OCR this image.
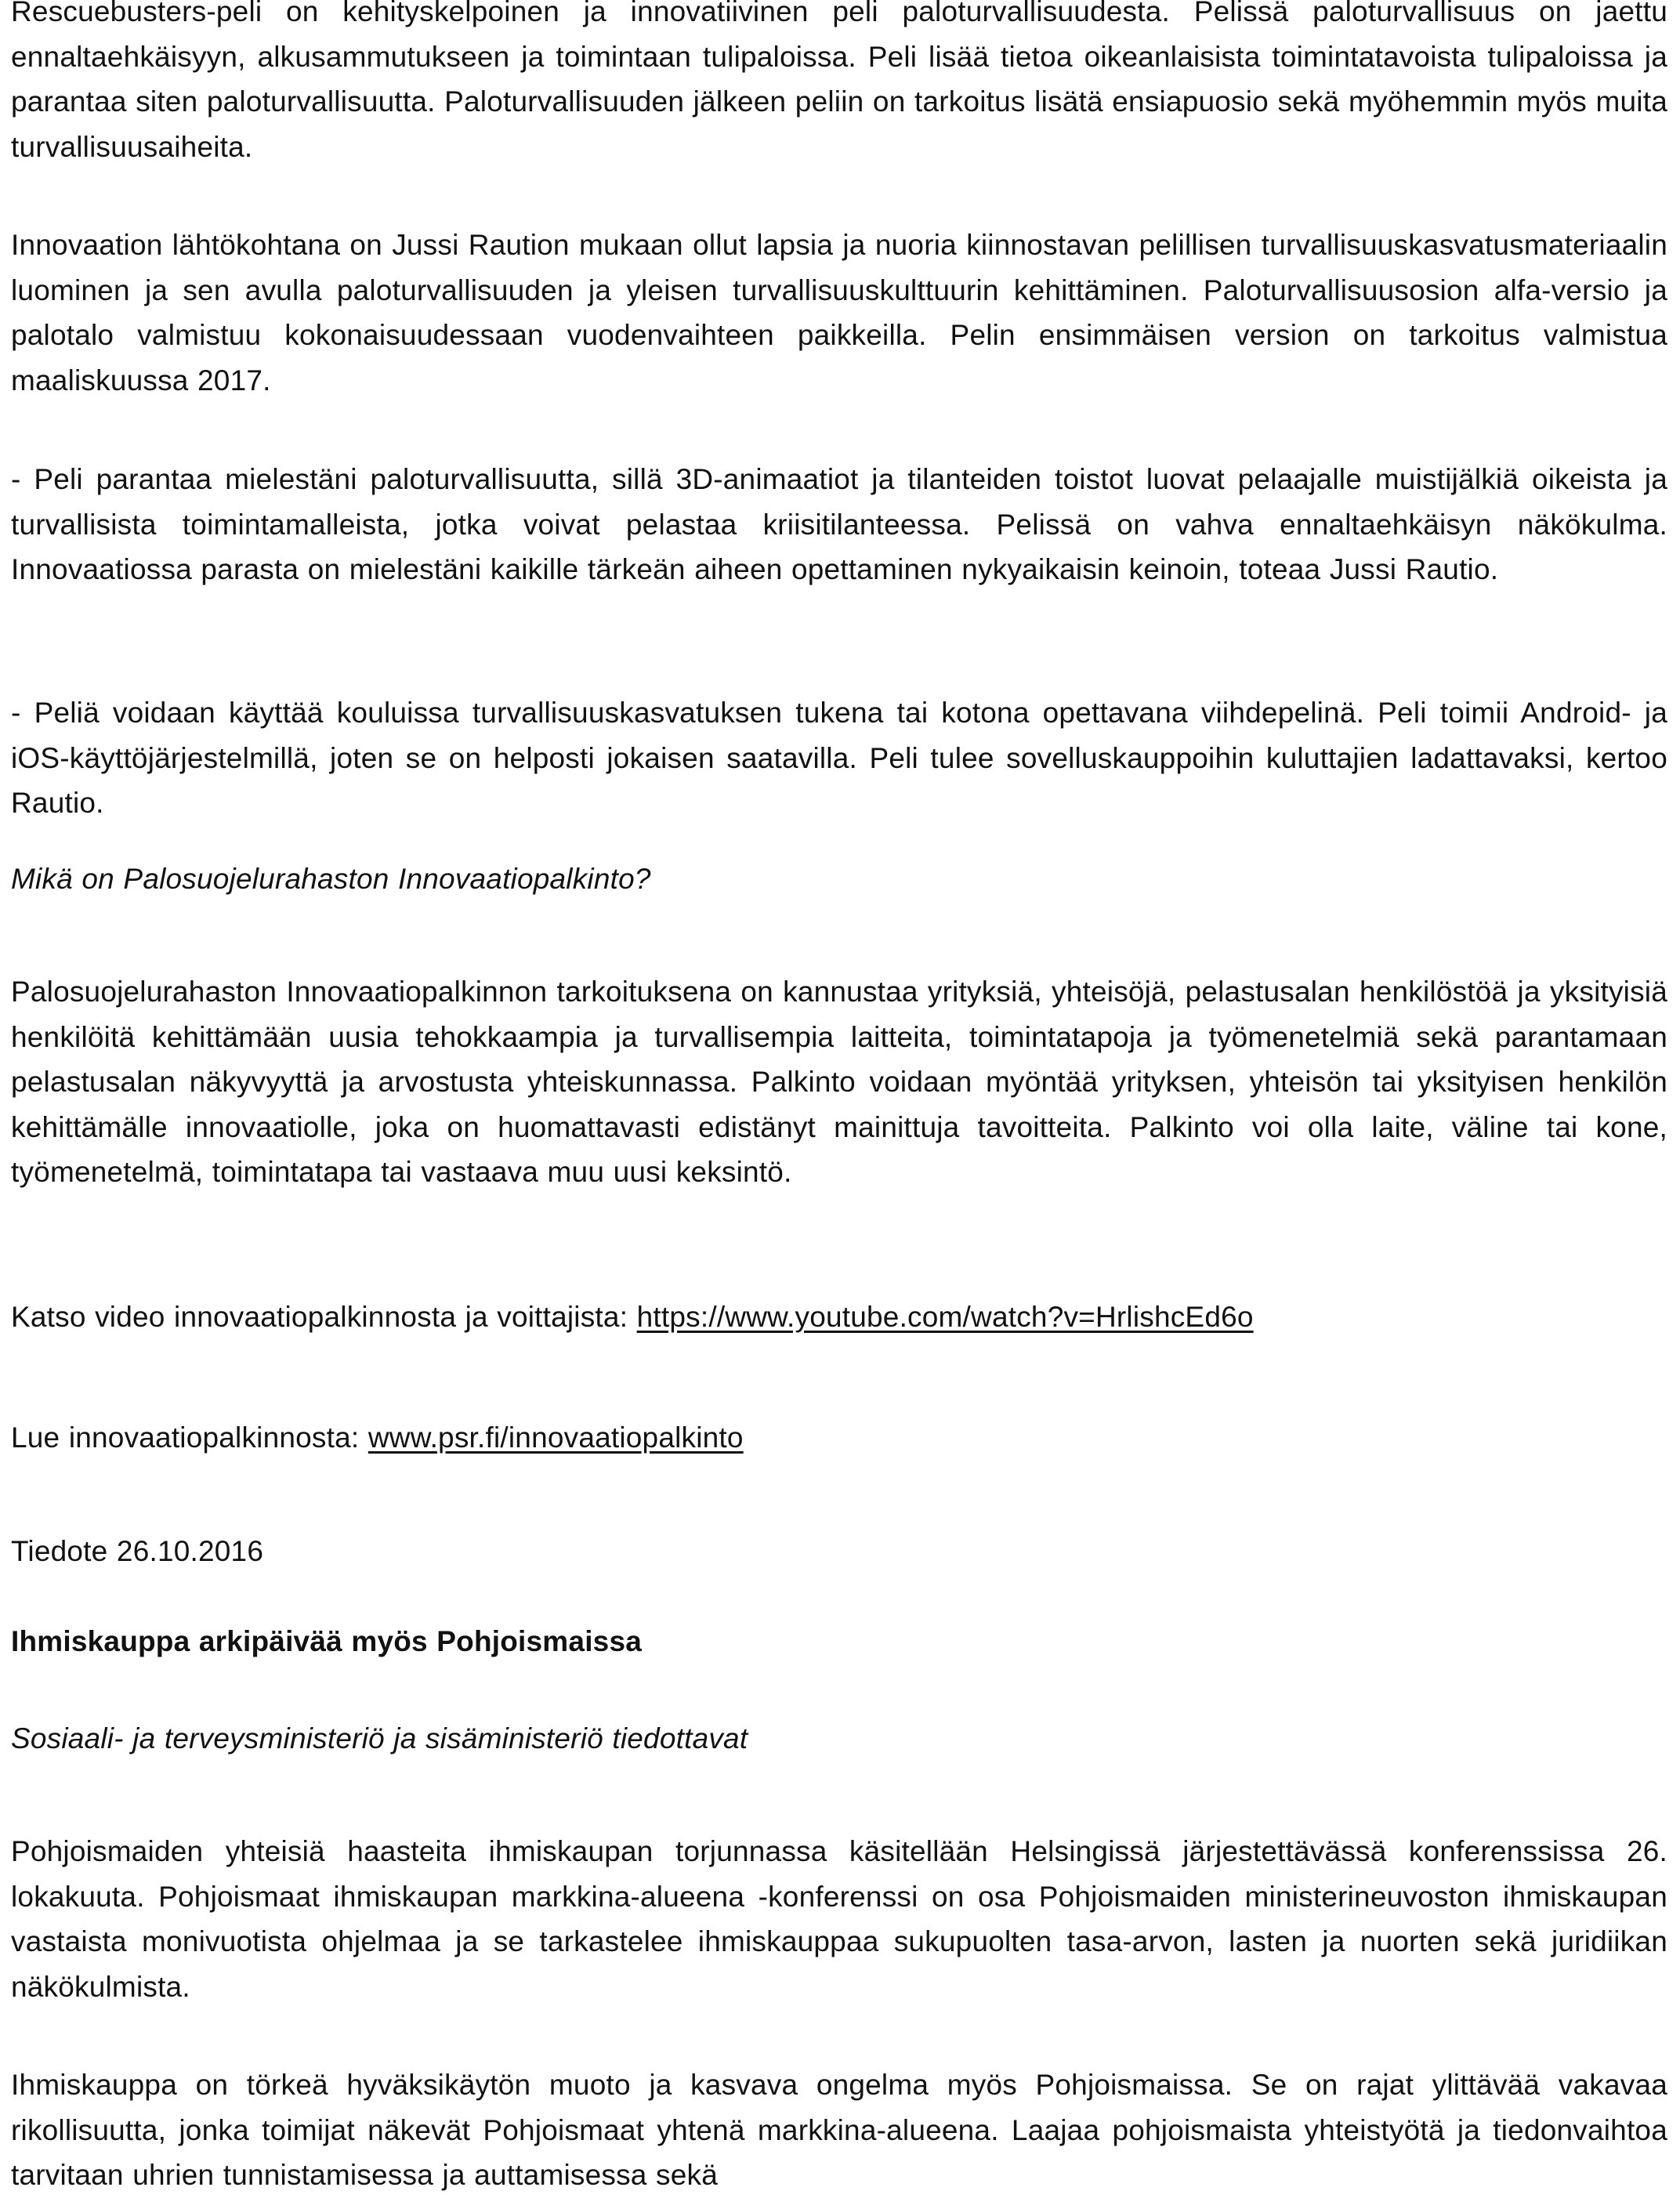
Rescuebusters-peli on kehityskelpoinen ja innovatiivinen peli paloturvallisuudesta. Pelissä paloturvallisuus on jaettu ennaltaehkäisyyn, alkusammutukseen ja toimintaan tulipaloissa. Peli lisää tietoa oikeanlaisista toimintatavoista tulipaloissa ja parantaa siten paloturvallisuutta. Paloturvallisuuden jälkeen peliin on tarkoitus lisätä ensiapuosio sekä myöhemmin myös muita turvallisuusaiheita.

Innovaation lähtökohtana on Jussi Raution mukaan ollut lapsia ja nuoria kiinnostavan pelillisen turvallisuuskasvatusmateriaalin luominen ja sen avulla paloturvallisuuden ja yleisen turvallisuuskulttuurin kehittäminen. Paloturvallisuusosion alfa-versio ja palotalo valmistuu kokonaisuudessaan vuodenvaihteen paikkeilla. Pelin ensimmäisen version on tarkoitus valmistua maaliskuussa 2017.

- Peli parantaa mielestäni paloturvallisuutta, sillä 3D-animaatiot ja tilanteiden toistot luovat pelaajalle muistijälkiä oikeista ja turvallisista toimintamalleista, jotka voivat pelastaa kriisitilanteessa. Pelissä on vahva ennaltaehkäisyn näkökulma. Innovaatiossa parasta on mielestäni kaikille tärkeän aiheen opettaminen nykyaikaisin keinoin, toteaa Jussi Rautio.

- Peliä voidaan käyttää kouluissa turvallisuuskasvatuksen tukena tai kotona opettavana viihdepelinä. Peli toimii Android- ja iOS-käyttöjärjestelmillä, joten se on helposti jokaisen saatavilla. Peli tulee sovelluskauppoihin kuluttajien ladattavaksi, kertoo Rautio.

Mikä on Palosuojelurahaston Innovaatiopalkinto?

Palosuojelurahaston Innovaatiopalkinnon tarkoituksena on kannustaa yrityksiä, yhteisöjä, pelastusalan henkilöstöä ja yksityisiä henkilöitä kehittämään uusia tehokkaampia ja turvallisempia laitteita, toimintatapoja ja työmenetelmiä sekä parantamaan pelastusalan näkyvyyttä ja arvostusta yhteiskunnassa. Palkinto voidaan myöntää yrityksen, yhteisön tai yksityisen henkilön kehittämälle innovaatiolle, joka on huomattavasti edistänyt mainittuja tavoitteita. Palkinto voi olla laite, väline tai kone, työmenetelmä, toimintatapa tai vastaava muu uusi keksintö.

Katso video innovaatiopalkinnosta ja voittajista: https://www.youtube.com/watch?v=HrlishcEd6o

Lue innovaatiopalkinnosta: www.psr.fi/innovaatiopalkinto

Tiedote 26.10.2016

Ihmiskauppa arkipäivää myös Pohjoismaissa

Sosiaali- ja terveysministeriö ja sisäministeriö tiedottavat

Pohjoismaiden yhteisiä haasteita ihmiskaupan torjunnassa käsitellään Helsingissä järjestettävässä konferenssissa 26. lokakuuta. Pohjoismaat ihmiskaupan markkina-alueena -konferenssi on osa Pohjoismaiden ministerineuvoston ihmiskaupan vastaista monivuotista ohjelmaa ja se tarkastelee ihmiskauppaa sukupuolten tasa-arvon, lasten ja nuorten sekä juridiikan näkökulmista.

Ihmiskauppa on törkeä hyväksikäytön muoto ja kasvava ongelma myös Pohjoismaissa. Se on rajat ylittävää vakavaa rikollisuutta, jonka toimijat näkevät Pohjoismaat yhtenä markkina-alueena. Laajaa pohjoismaista yhteistyötä ja tiedonvaihtoa tarvitaan uhrien tunnistamisessa ja auttamisessa sekä
